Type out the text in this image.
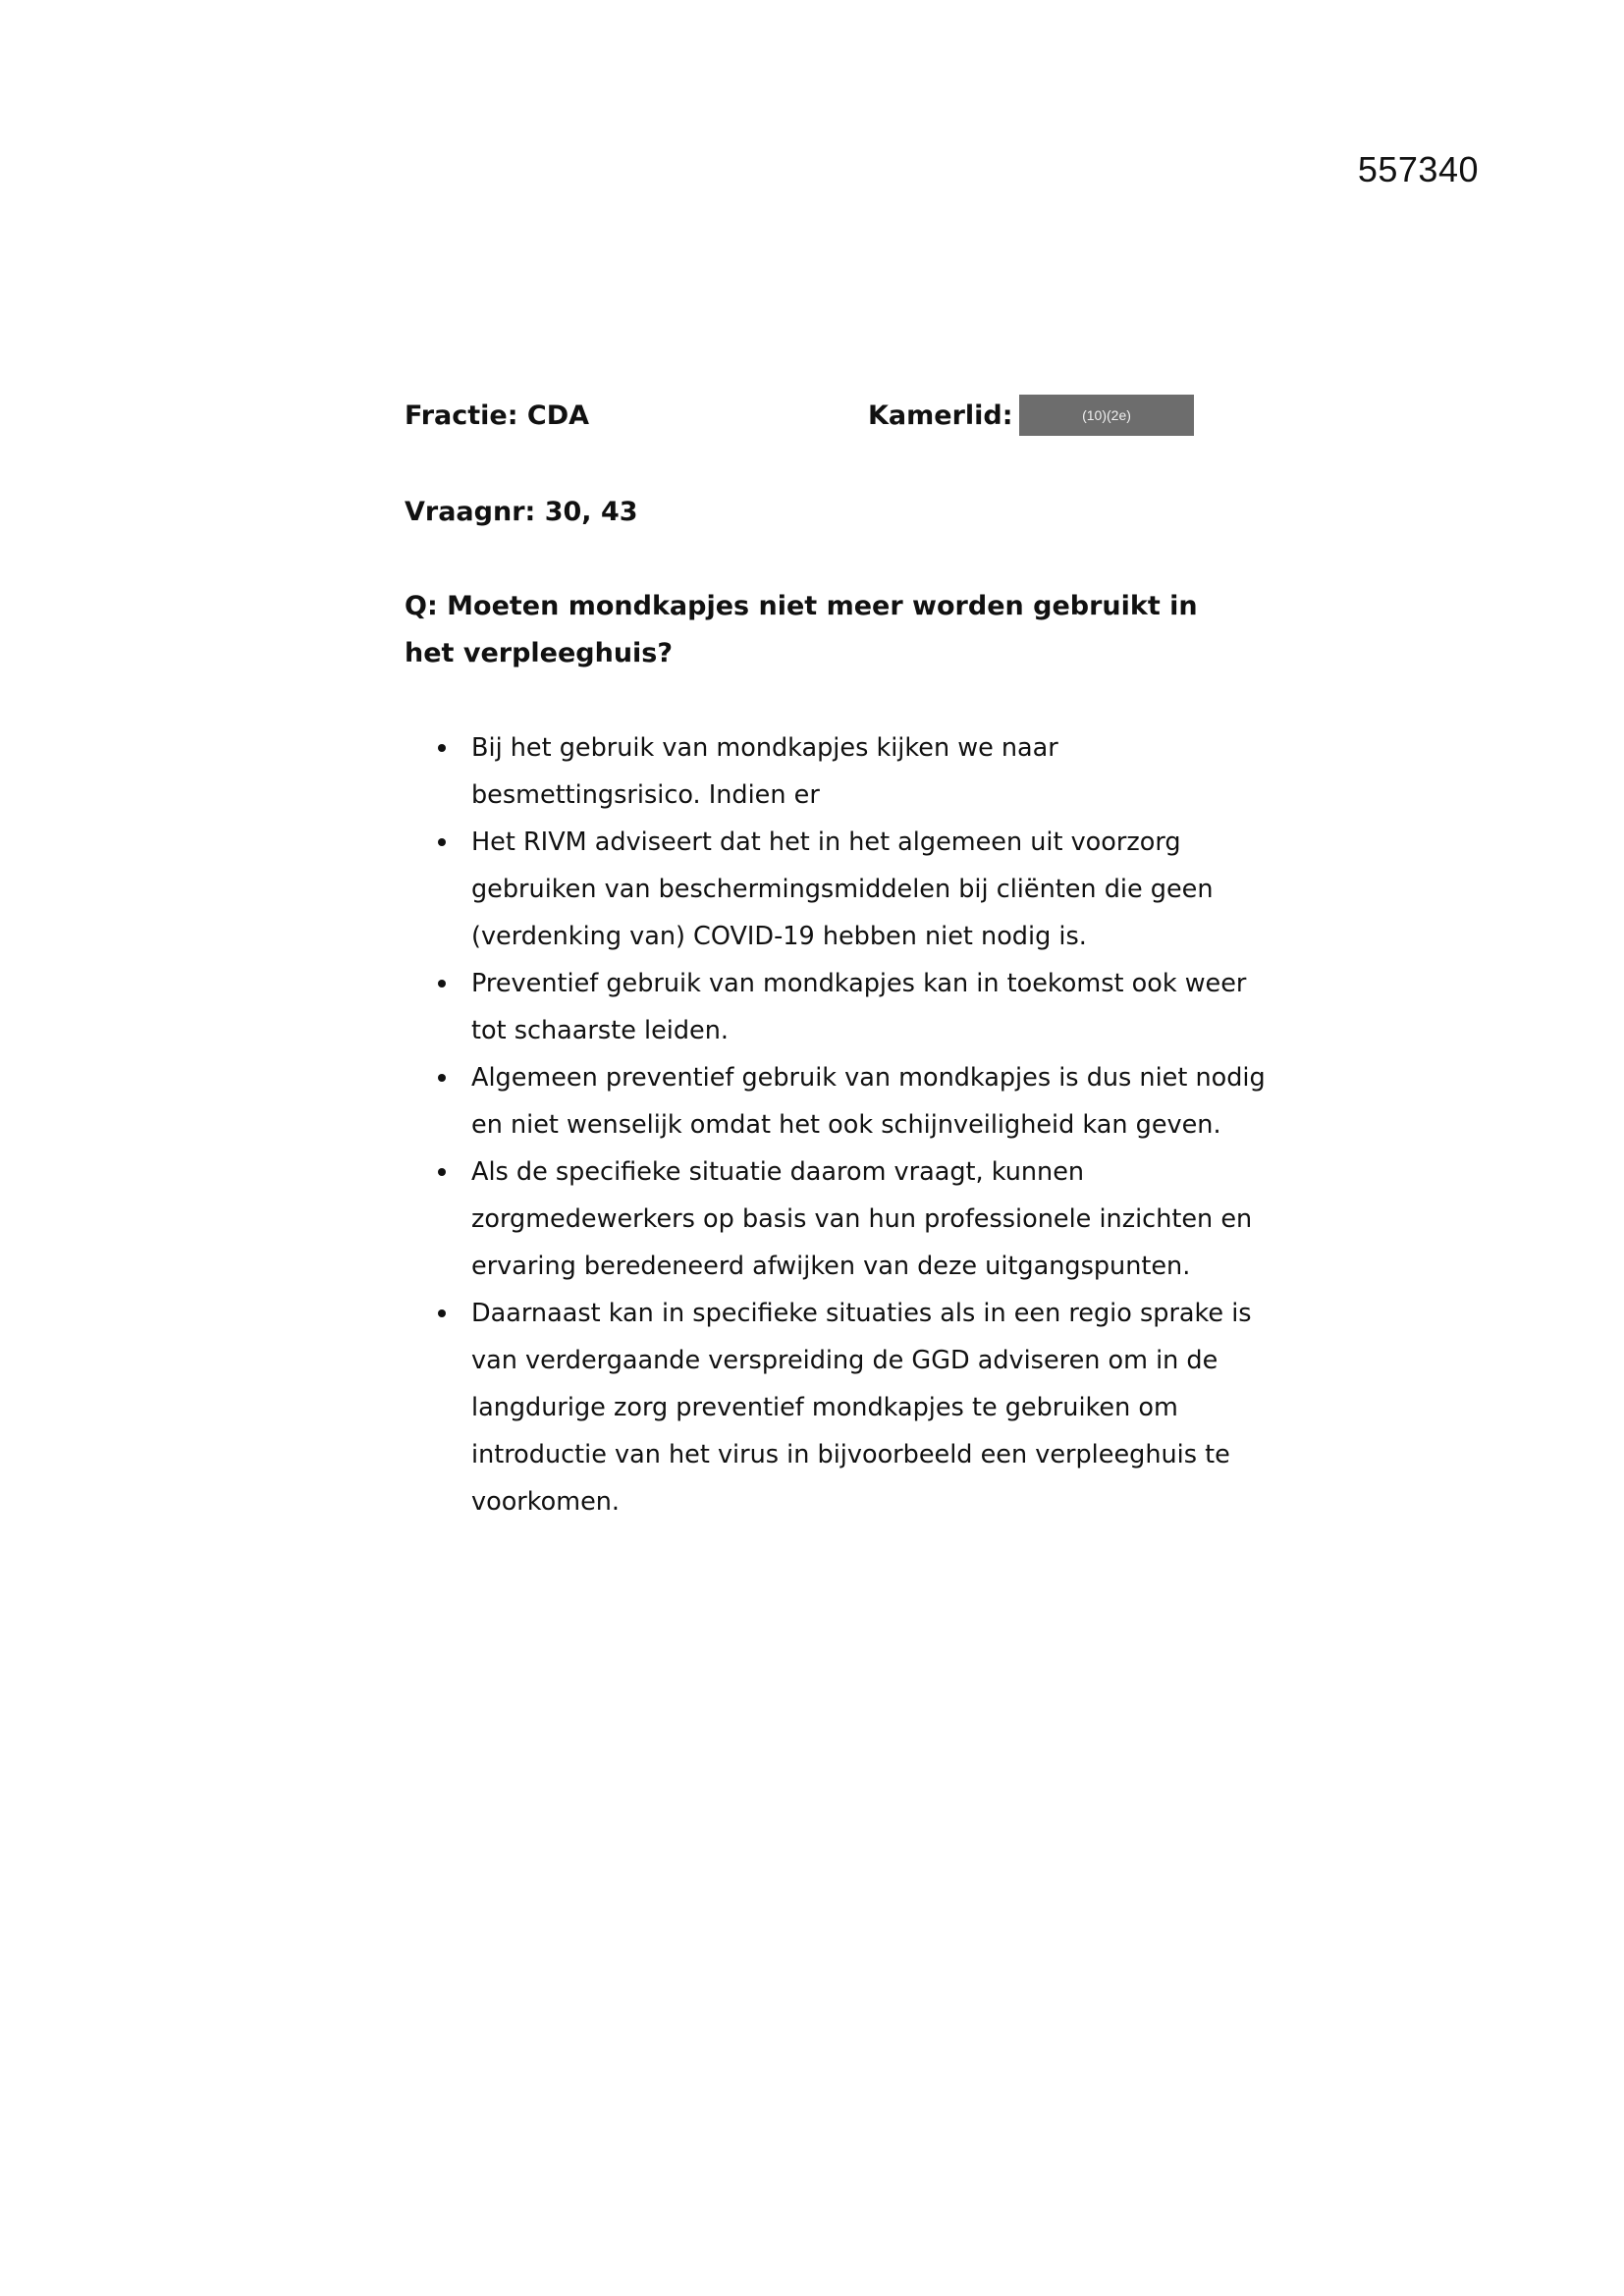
557340
Fractie: CDA	Kamerlid:	(10)(2e)
Vraagnr: 30, 43
Q: Moeten mondkapjes niet meer worden gebruikt in het verpleeghuis?
Bij het gebruik van mondkapjes kijken we naar besmettingsrisico. Indien er
Het RIVM adviseert dat het in het algemeen uit voorzorg gebruiken van beschermingsmiddelen bij cliënten die geen (verdenking van) COVID-19 hebben niet nodig is.
Preventief gebruik van mondkapjes kan in toekomst ook weer tot schaarste leiden.
Algemeen preventief gebruik van mondkapjes is dus niet nodig en niet wenselijk omdat het ook schijnveiligheid kan geven.
Als de specifieke situatie daarom vraagt, kunnen zorgmedewerkers op basis van hun professionele inzichten en ervaring beredeneerd afwijken van deze uitgangspunten.
Daarnaast kan in specifieke situaties als in een regio sprake is van verdergaande verspreiding de GGD adviseren om in de langdurige zorg preventief mondkapjes te gebruiken om introductie van het virus in bijvoorbeeld een verpleeghuis te voorkomen.
